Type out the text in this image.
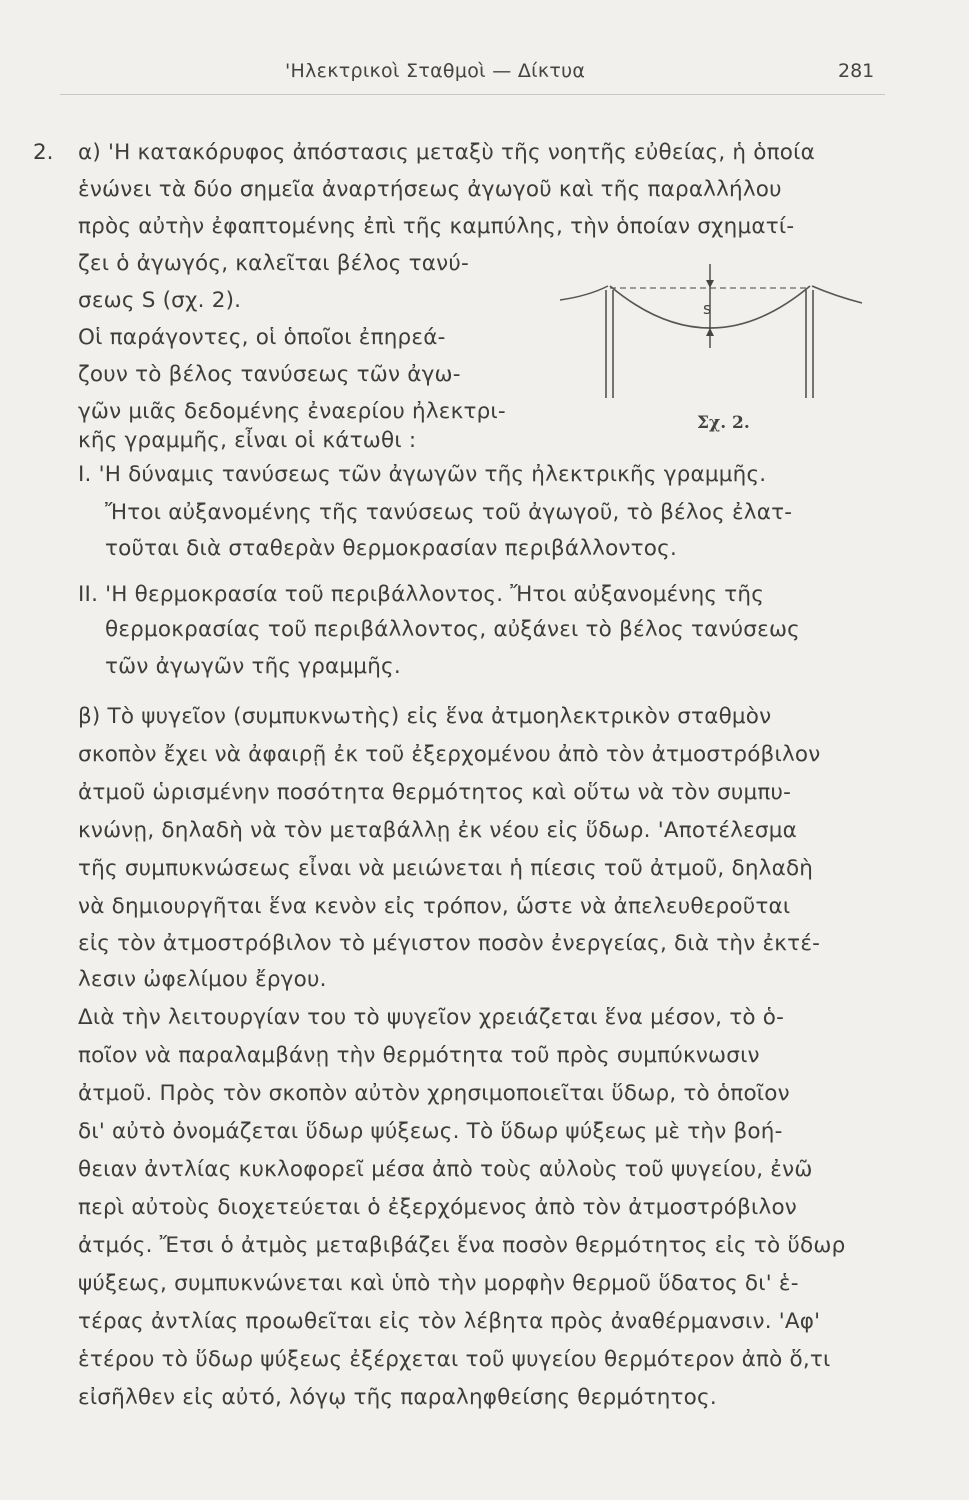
'Ηλεκτρικοὶ Σταθμοὶ — Δίκτυα	281
2.
s
Σχ. 2.
α) 'Η κατακόρυφος ἀπόστασις μεταξὺ τῆς νοητῆς εὐθείας, ἡ ὁποία
ἑνώνει τὰ δύο σημεῖα ἀναρτήσεως ἀγωγοῦ καὶ τῆς παραλλήλου
πρὸς αὐτὴν ἐφαπτομένης ἐπὶ τῆς καμπύλης, τὴν ὁποίαν σχηματί-
ζει ὁ ἀγωγός, καλεῖται βέλος τανύ-
σεως S (σχ. 2).
Οἱ παράγοντες, οἱ ὁποῖοι ἐπηρεά-
ζουν τὸ βέλος τανύσεως τῶν ἀγω-
γῶν μιᾶς δεδομένης ἐναερίου ἠλεκτρι-
κῆς γραμμῆς, εἶναι οἱ κάτωθι :
I. 'Η δύναμις τανύσεως τῶν ἀγωγῶν τῆς ἠλεκτρικῆς γραμμῆς.
Ἤτοι αὐξανομένης τῆς τανύσεως τοῦ ἀγωγοῦ, τὸ βέλος ἐλατ-
τοῦται διὰ σταθερὰν θερμοκρασίαν περιβάλλοντος.
II. 'Η θερμοκρασία τοῦ περιβάλλοντος. Ἤτοι αὐξανομένης τῆς
θερμοκρασίας τοῦ περιβάλλοντος, αὐξάνει τὸ βέλος τανύσεως
τῶν ἀγωγῶν τῆς γραμμῆς.
β) Τὸ ψυγεῖον (συμπυκνωτὴς) εἰς ἕνα ἀτμοηλεκτρικὸν σταθμὸν
σκοπὸν ἔχει νὰ ἀφαιρῇ ἐκ τοῦ ἐξερχομένου ἀπὸ τὸν ἀτμοστρόβιλον
ἀτμοῦ ὡρισμένην ποσότητα θερμότητος καὶ οὕτω νὰ τὸν συμπυ-
κνώνῃ, δηλαδὴ νὰ τὸν μεταβάλλῃ ἐκ νέου εἰς ὕδωρ. 'Αποτέλεσμα
τῆς συμπυκνώσεως εἶναι νὰ μειώνεται ἡ πίεσις τοῦ ἀτμοῦ, δηλαδὴ
νὰ δημιουργῆται ἕνα κενὸν εἰς τρόπον, ὥστε νὰ ἀπελευθεροῦται
εἰς τὸν ἀτμοστρόβιλον τὸ μέγιστον ποσὸν ἐνεργείας, διὰ τὴν ἐκτέ-
λεσιν ὠφελίμου ἔργου.
Διὰ τὴν λειτουργίαν του τὸ ψυγεῖον χρειάζεται ἕνα μέσον, τὸ ὁ-
ποῖον νὰ παραλαμβάνῃ τὴν θερμότητα τοῦ πρὸς συμπύκνωσιν
ἀτμοῦ. Πρὸς τὸν σκοπὸν αὐτὸν χρησιμοποιεῖται ὕδωρ, τὸ ὁποῖον
δι' αὐτὸ ὀνομάζεται ὕδωρ ψύξεως. Τὸ ὕδωρ ψύξεως μὲ τὴν βοή-
θειαν ἀντλίας κυκλοφορεῖ μέσα ἀπὸ τοὺς αὐλοὺς τοῦ ψυγείου, ἐνῶ
περὶ αὐτοὺς διοχετεύεται ὁ ἐξερχόμενος ἀπὸ τὸν ἀτμοστρόβιλον
ἀτμός. Ἔτσι ὁ ἀτμὸς μεταβιβάζει ἕνα ποσὸν θερμότητος εἰς τὸ ὕδωρ
ψύξεως, συμπυκνώνεται καὶ ὑπὸ τὴν μορφὴν θερμοῦ ὕδατος δι' ἑ-
τέρας ἀντλίας προωθεῖται εἰς τὸν λέβητα πρὸς ἀναθέρμανσιν. 'Αφ'
ἑτέρου τὸ ὕδωρ ψύξεως ἐξέρχεται τοῦ ψυγείου θερμότερον ἀπὸ ὅ,τι
εἰσῆλθεν εἰς αὐτό, λόγῳ τῆς παραληφθείσης θερμότητος.
